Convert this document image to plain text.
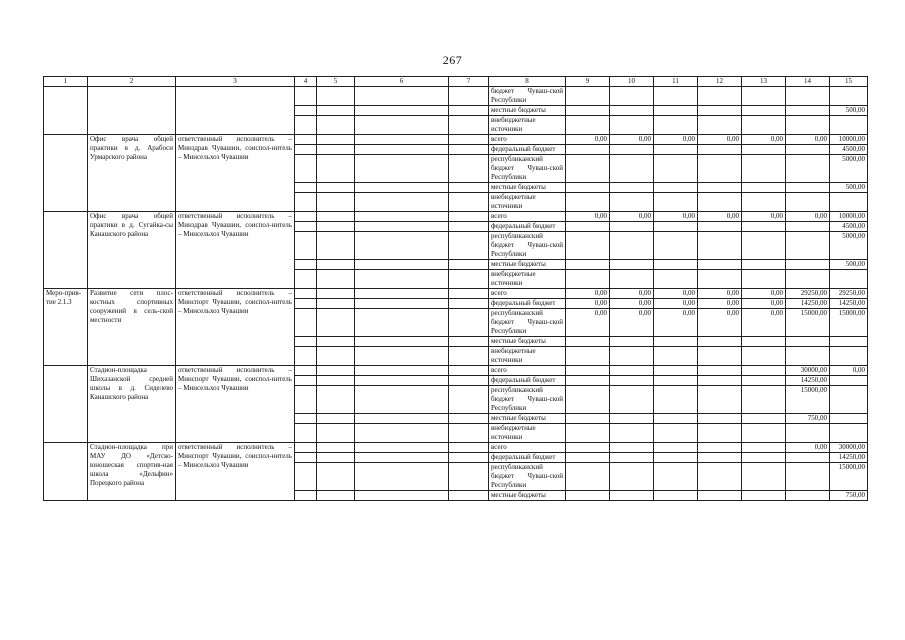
267
1	2	3	4	5	6	7	8	9	10	11	12	13	14	15
							бюджет Чуваш-ской Республики							
							местные бюджеты							500,00
							внебюджетные источники							
	Офис врача общей практики в д. Арабоси Урмарского района	ответственный исполнитель – Минздрав Чувашии, соиспол-нитель – Минсельхоз Чувашии					всего	0,00	0,00	0,00	0,00	0,00	0,00	10000,00
							федеральный бюджет							4500,00
							республиканский бюджет Чуваш-ской Республики							5000,00
							местные бюджеты							500,00
							внебюджетные источники							
	Офис врача общей практики в д. Сугайка-сы Канашского района	ответственный исполнитель – Минздрав Чувашии, соиспол-нитель – Минсельхоз Чувашии					всего	0,00	0,00	0,00	0,00	0,00	0,00	10000,00
							федеральный бюджет							4500,00
							республиканский бюджет Чуваш-ской Республики							5000,00
							местные бюджеты							500,00
							внебюджетные источники							
Меро-прия-тие 2.1.3	Развитие сети плос-костных спортивных сооружений в сель-ской местности	ответственный исполнитель – Минспорт Чувашии, соиспол-нитель – Минсельхоз Чувашии					всего	0,00	0,00	0,00	0,00	0,00	29250,00	29250,00
							федеральный бюджет	0,00	0,00	0,00	0,00	0,00	14250,00	14250,00
							республиканский бюджет Чуваш-ской Республики	0,00	0,00	0,00	0,00	0,00	15000,00	15000,00
							местные бюджеты							
							внебюджетные источники							
	Стадион-площадка Шихазанской средней школы в д. Сиделево Канашского района	ответственный исполнитель – Минспорт Чувашии, соиспол-нитель – Минсельхоз Чувашии					всего						30000,00	0,00
							федеральный бюджет						14250,00	
							республиканский бюджет Чуваш-ской Республики						15000,00	
							местные бюджеты						750,00	
							внебюджетные источники							
	Стадион-площадка при МАУ ДО «Детско-юношеская спортив-ная школа «Дельфин» Порецкого района	ответственный исполнитель – Минспорт Чувашии, соиспол-нитель – Минсельхоз Чувашии					всего						0,00	30000,00
							федеральный бюджет							14250,00
							республиканский бюджет Чуваш-ской Республики							15000,00
							местные бюджеты							750,00
